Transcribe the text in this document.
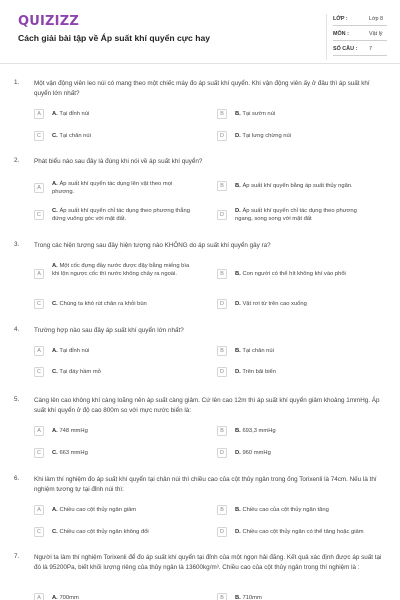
QUIZIZZ
Cách giải bài tập về Áp suất khí quyển cực hay
LỚP :	Lớp 8
MÔN :	Vật lý
SỐ CÂU : 7
1. Một vận động viên leo núi có mang theo một chiếc máy đo áp suất khí quyển. Khi vận động viên ấy ở đâu thì áp suất khí quyển lớn nhất?
A	A. Tại đỉnh núi	B	B. Tại sườn núi
C	C. Tại chân núi	D	D. Tại lưng chừng núi
2. Phát biểu nào sau đây là đúng khi nói về áp suất khí quyển?
A
A. Áp suất khí quyển tác dụng lên vật theo mọi phương.
B	B. Áp suất khí quyển bằng áp suất thủy ngân.
C
C. Áp suất khí quyển chỉ tác dụng theo phương thẳng đứng vuông góc với mặt đất.
D
D. Áp suất khí quyển chỉ tác dụng theo phương ngang, song song với mặt đất
3. Trong các hiện tượng sau đây hiện tượng nào KHÔNG do áp suất khí quyển gây ra?
A
A. Một cốc đựng đầy nước được đậy bằng miếng bìa khi lộn ngược cốc thì nước không chảy ra ngoài.	B	B. Con người có thể hít không khí vào phổi
C	C. Chúng ta khó rút chân ra khỏi bùn	D	D. Vật rơi từ trên cao xuống
4. Trường hợp nào sau đây áp suất khí quyển lớn nhất?
A	A. Tại đỉnh núi	B	B. Tại chân núi
C	C. Tại đáy hầm mỏ	D	D. Trên bãi biển
5. Càng lên cao không khí càng loãng nên áp suất càng giảm. Cứ lên cao 12m thì áp suất khí quyển giảm khoảng 1mmHg. Áp suất khí quyển ở độ cao 800m so với mực nước biển là:
A	A. 748 mmHg	B	B. 693,3 mmHg
C	C. 663 mmHg	D	D. 960 mmHg
6. Khi làm thí nghiệm đo áp suất khí quyển tại chân núi thì chiều cao của cột thủy ngân trong ống Torixenli là 74cm. Nếu là thí nghiệm tương tự tại đỉnh núi thì:
A	A. Chiều cao cột thủy ngân giảm	B	B. Chiều cao của cột thủy ngân tăng
C	C. Chiều cao cột thủy ngân không đổi	D	D. Chiều cao cột thủy ngân có thể tăng hoặc giảm
7. Người ta làm thí nghiệm Torixenli để đo áp suất khí quyển tại đỉnh của một ngọn hải đăng. Kết quả xác định được áp suất tại đó là 95200Pa, biết khối lượng riêng của thủy ngân là 13600kg/m³. Chiều cao của cột thủy ngân trong thí nghiệm là :
A	A. 700mm	B	B. 710mm
